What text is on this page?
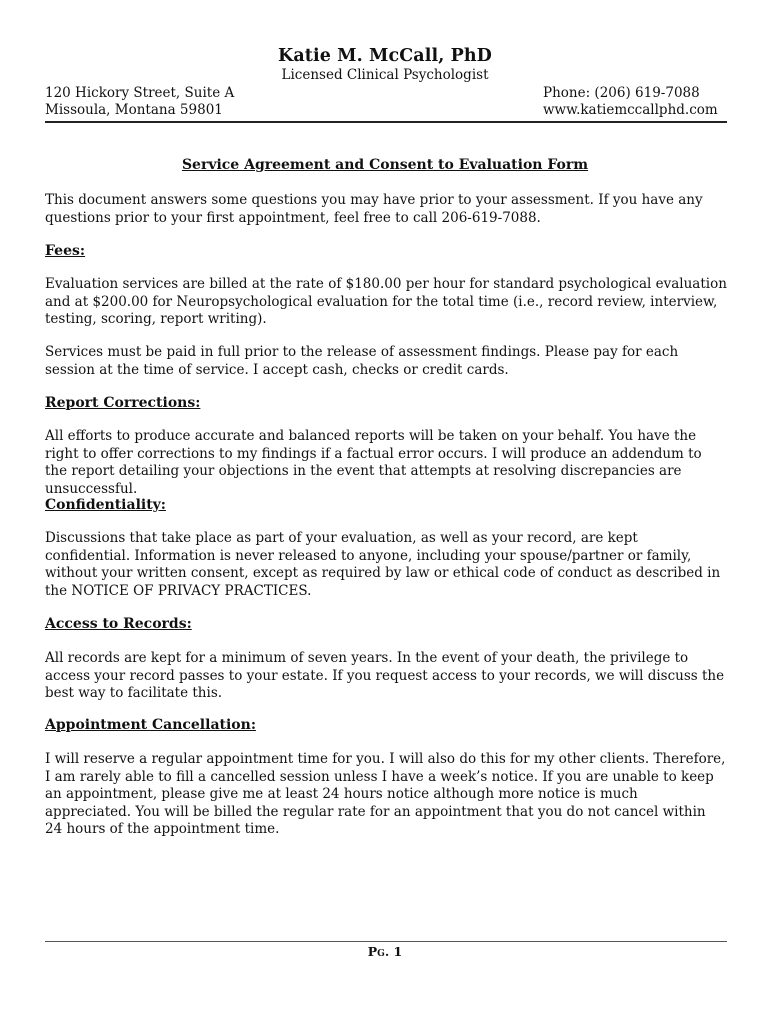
Katie M. McCall, PhD
Licensed Clinical Psychologist
120 Hickory Street, Suite A
Missoula, Montana 59801
Phone: (206) 619-7088
www.katiemccallphd.com
Service Agreement and Consent to Evaluation Form

This document answers some questions you may have prior to your assessment. If you have any questions prior to your first appointment, feel free to call 206-619-7088.

Fees:

Evaluation services are billed at the rate of $180.00 per hour for standard psychological evaluation and at $200.00 for Neuropsychological evaluation for the total time (i.e., record review, interview, testing, scoring, report writing).

Services must be paid in full prior to the release of assessment findings. Please pay for each session at the time of service. I accept cash, checks or credit cards.

Report Corrections:

All efforts to produce accurate and balanced reports will be taken on your behalf. You have the right to offer corrections to my findings if a factual error occurs. I will produce an addendum to the report detailing your objections in the event that attempts at resolving discrepancies are unsuccessful.

Confidentiality:

Discussions that take place as part of your evaluation, as well as your record, are kept confidential. Information is never released to anyone, including your spouse/partner or family, without your written consent, except as required by law or ethical code of conduct as described in the NOTICE OF PRIVACY PRACTICES.

Access to Records:

All records are kept for a minimum of seven years. In the event of your death, the privilege to access your record passes to your estate. If you request access to your records, we will discuss the best way to facilitate this.

Appointment Cancellation:

I will reserve a regular appointment time for you. I will also do this for my other clients. Therefore, I am rarely able to fill a cancelled session unless I have a week’s notice. If you are unable to keep an appointment, please give me at least 24 hours notice although more notice is much appreciated. You will be billed the regular rate for an appointment that you do not cancel within 24 hours of the appointment time.

Pg. 1
